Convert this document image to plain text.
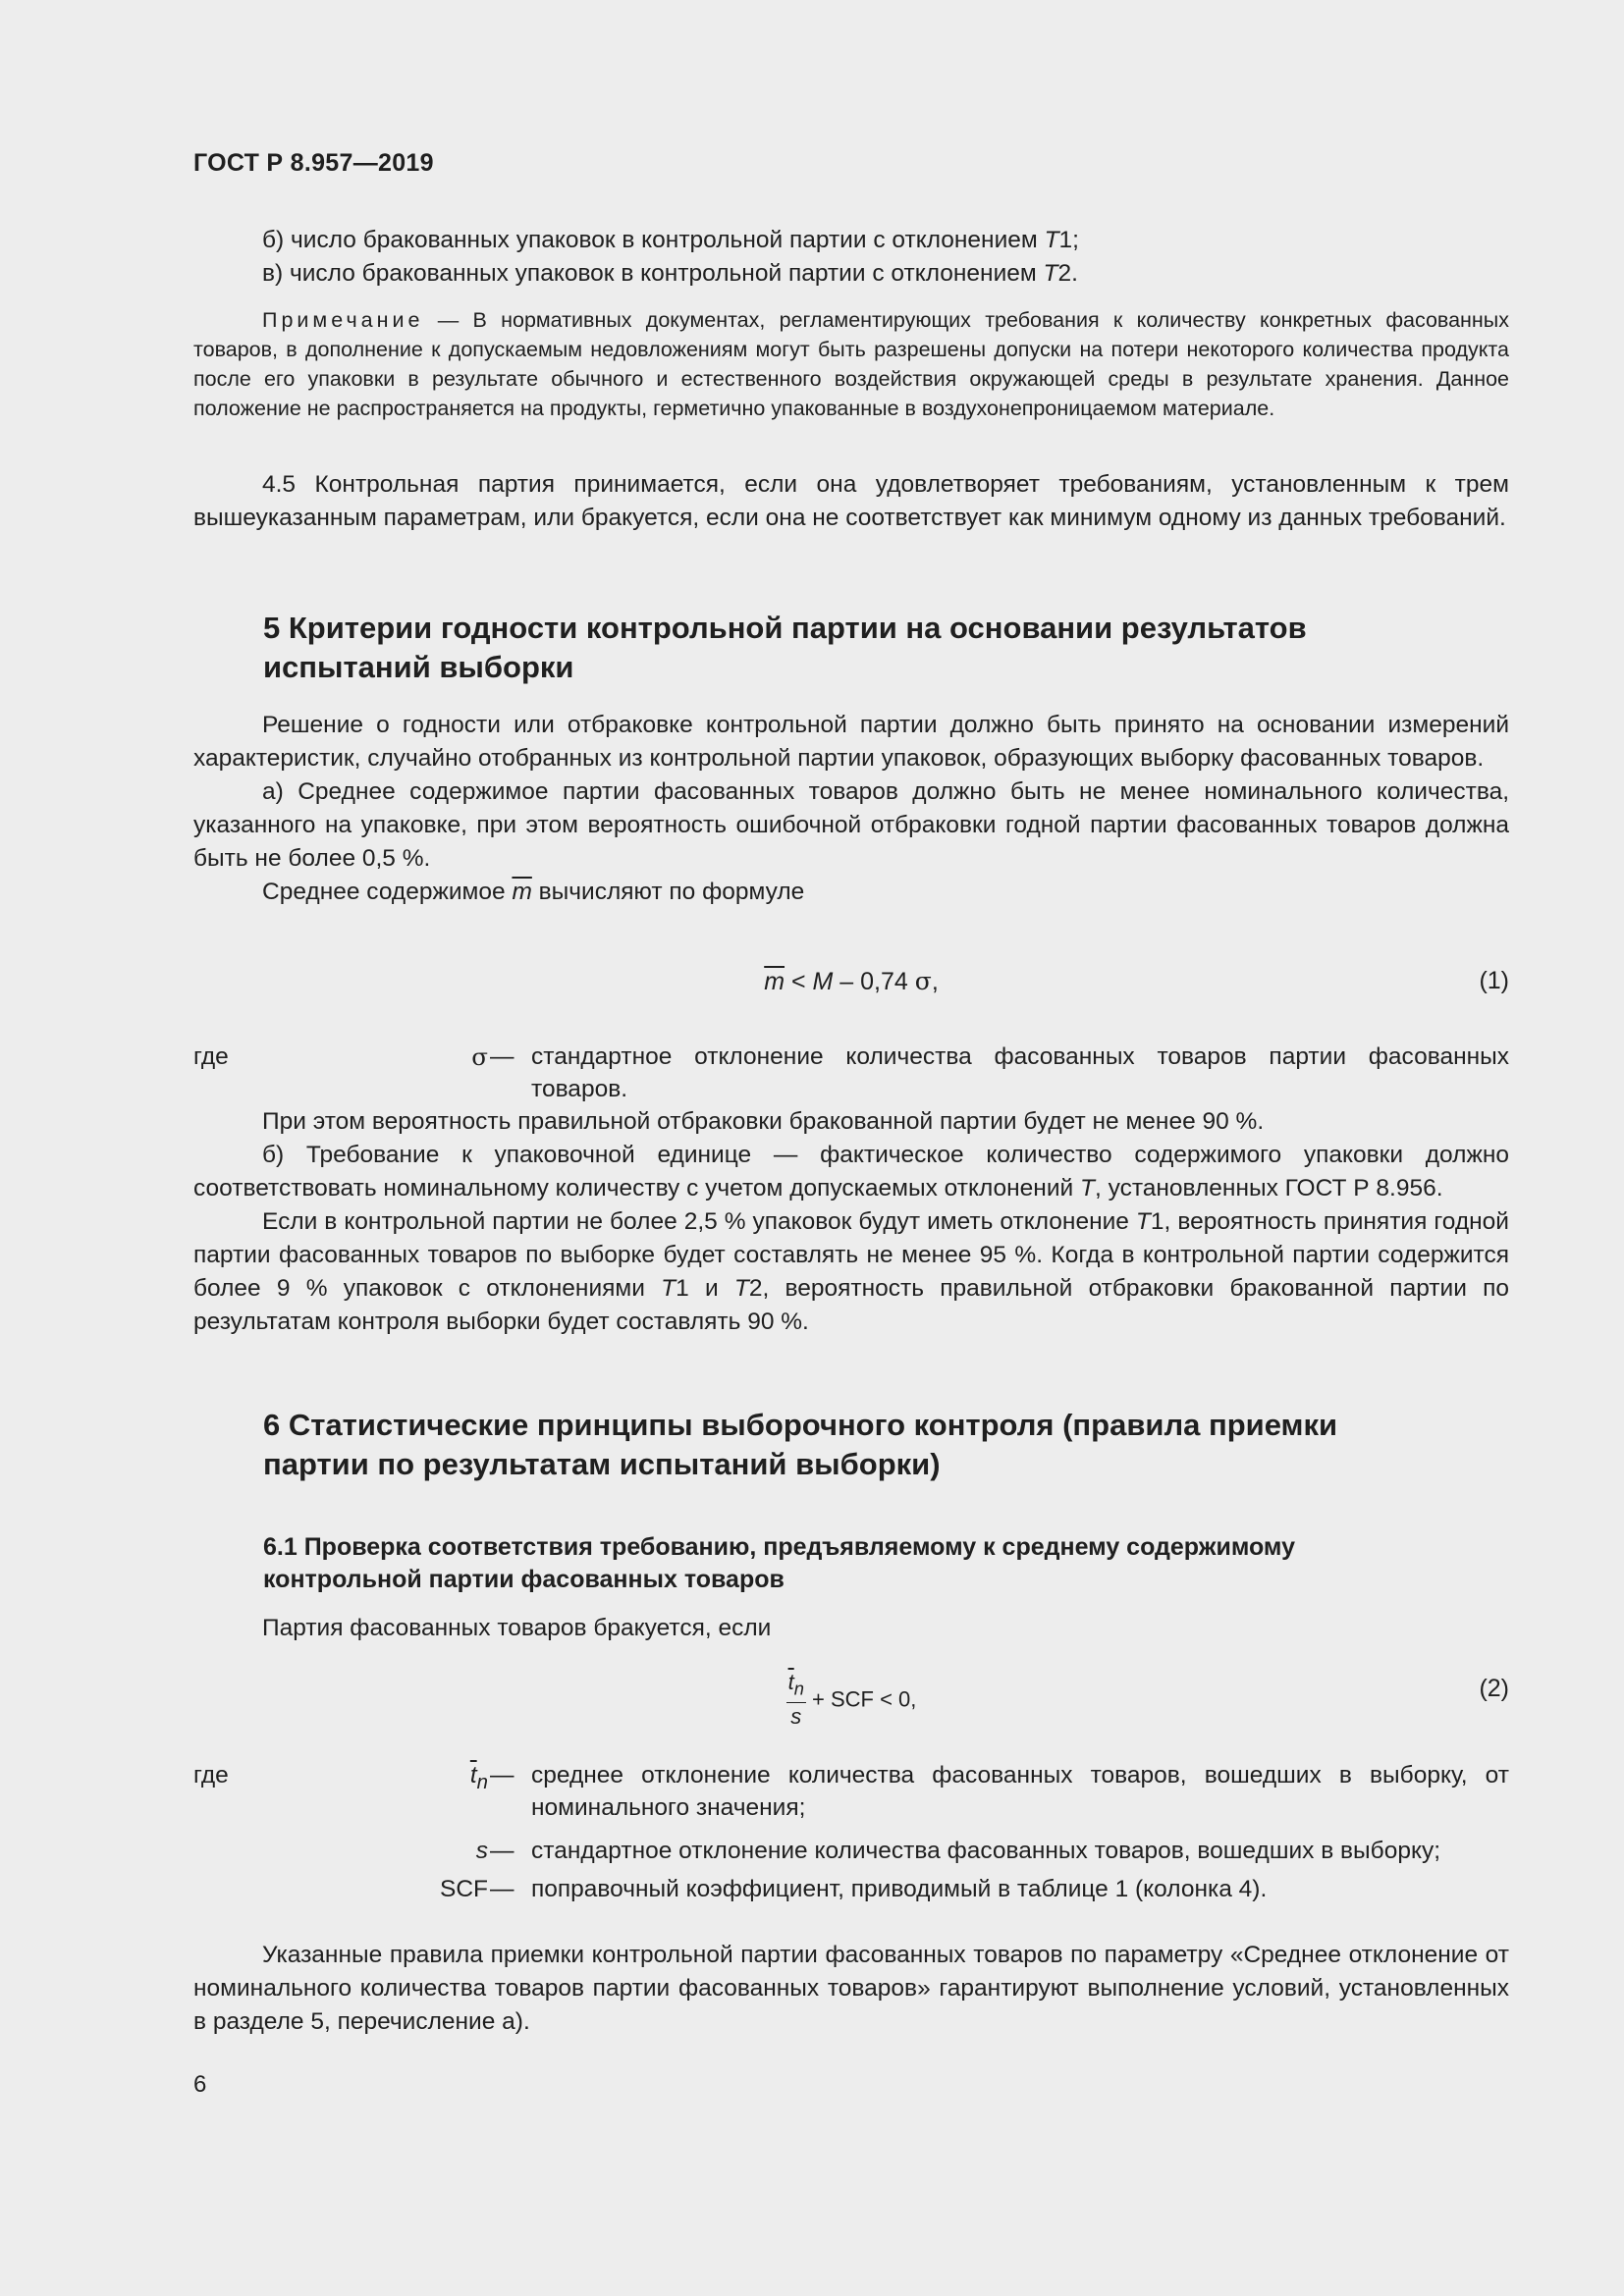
ГОСТ Р 8.957—2019

б) число бракованных упаковок в контрольной партии с отклонением T1;

в) число бракованных упаковок в контрольной партии с отклонением T2.

Примечание — В нормативных документах, регламентирующих требования к количеству конкретных фасованных товаров, в дополнение к допускаемым недовложениям могут быть разрешены допуски на потери некоторого количества продукта после его упаковки в результате обычного и естественного воздействия окружающей среды в результате хранения. Данное положение не распространяется на продукты, герметично упакованные в воздухонепроницаемом материале.

4.5 Контрольная партия принимается, если она удовлетворяет требованиям, установленным к трем вышеуказанным параметрам, или бракуется, если она не соответствует как минимум одному из данных требований.

5 Критерии годности контрольной партии на основании результатов
испытаний выборки

Решение о годности или отбраковке контрольной партии должно быть принято на основании измерений характеристик, случайно отобранных из контрольной партии упаковок, образующих выборку фасованных товаров.

а) Среднее содержимое партии фасованных товаров должно быть не менее номинального количества, указанного на упаковке, при этом вероятность ошибочной отбраковки годной партии фасованных товаров должна быть не более 0,5 %.

Среднее содержимое $\overline{m}$ вычисляют по формуле

$\overline{m} < M - 0,74$ σ,	(1)
где	σ — стандартное отклонение количества фасованных товаров партии фасованных товаров.

При этом вероятность правильной отбраковки бракованной партии будет не менее 90 %.

б) Требование к упаковочной единице — фактическое количество содержимого упаковки должно соответствовать номинальному количеству с учетом допускаемых отклонений T, установленных ГОСТ Р 8.956.

Если в контрольной партии не более 2,5 % упаковок будут иметь отклонение T1, вероятность принятия годной партии фасованных товаров по выборке будет составлять не менее 95 %. Когда в контрольной партии содержится более 9 % упаковок с отклонениями T1 и T2, вероятность правильной отбраковки бракованной партии по результатам контроля выборки будет составлять 90 %.

6 Статистические принципы выборочного контроля (правила приемки
партии по результатам испытаний выборки)
6.1 Проверка соответствия требованию, предъявляемому к среднему содержимому
контрольной партии фасованных товаров

Партия фасованных товаров бракуется, если

$\frac{\overline{t}_n}{s}$ + SCF < 0,	(2)
где	$\overline{t}_n$ — среднее отклонение количества фасованных товаров, вошедших в выборку, от номинального значения;
s — стандартное отклонение количества фасованных товаров, вошедших в выборку;
SCF — поправочный коэффициент, приводимый в таблице 1 (колонка 4).

Указанные правила приемки контрольной партии фасованных товаров по параметру «Среднее отклонение от номинального количества товаров партии фасованных товаров» гарантируют выполнение условий, установленных в разделе 5, перечисление а).

6
